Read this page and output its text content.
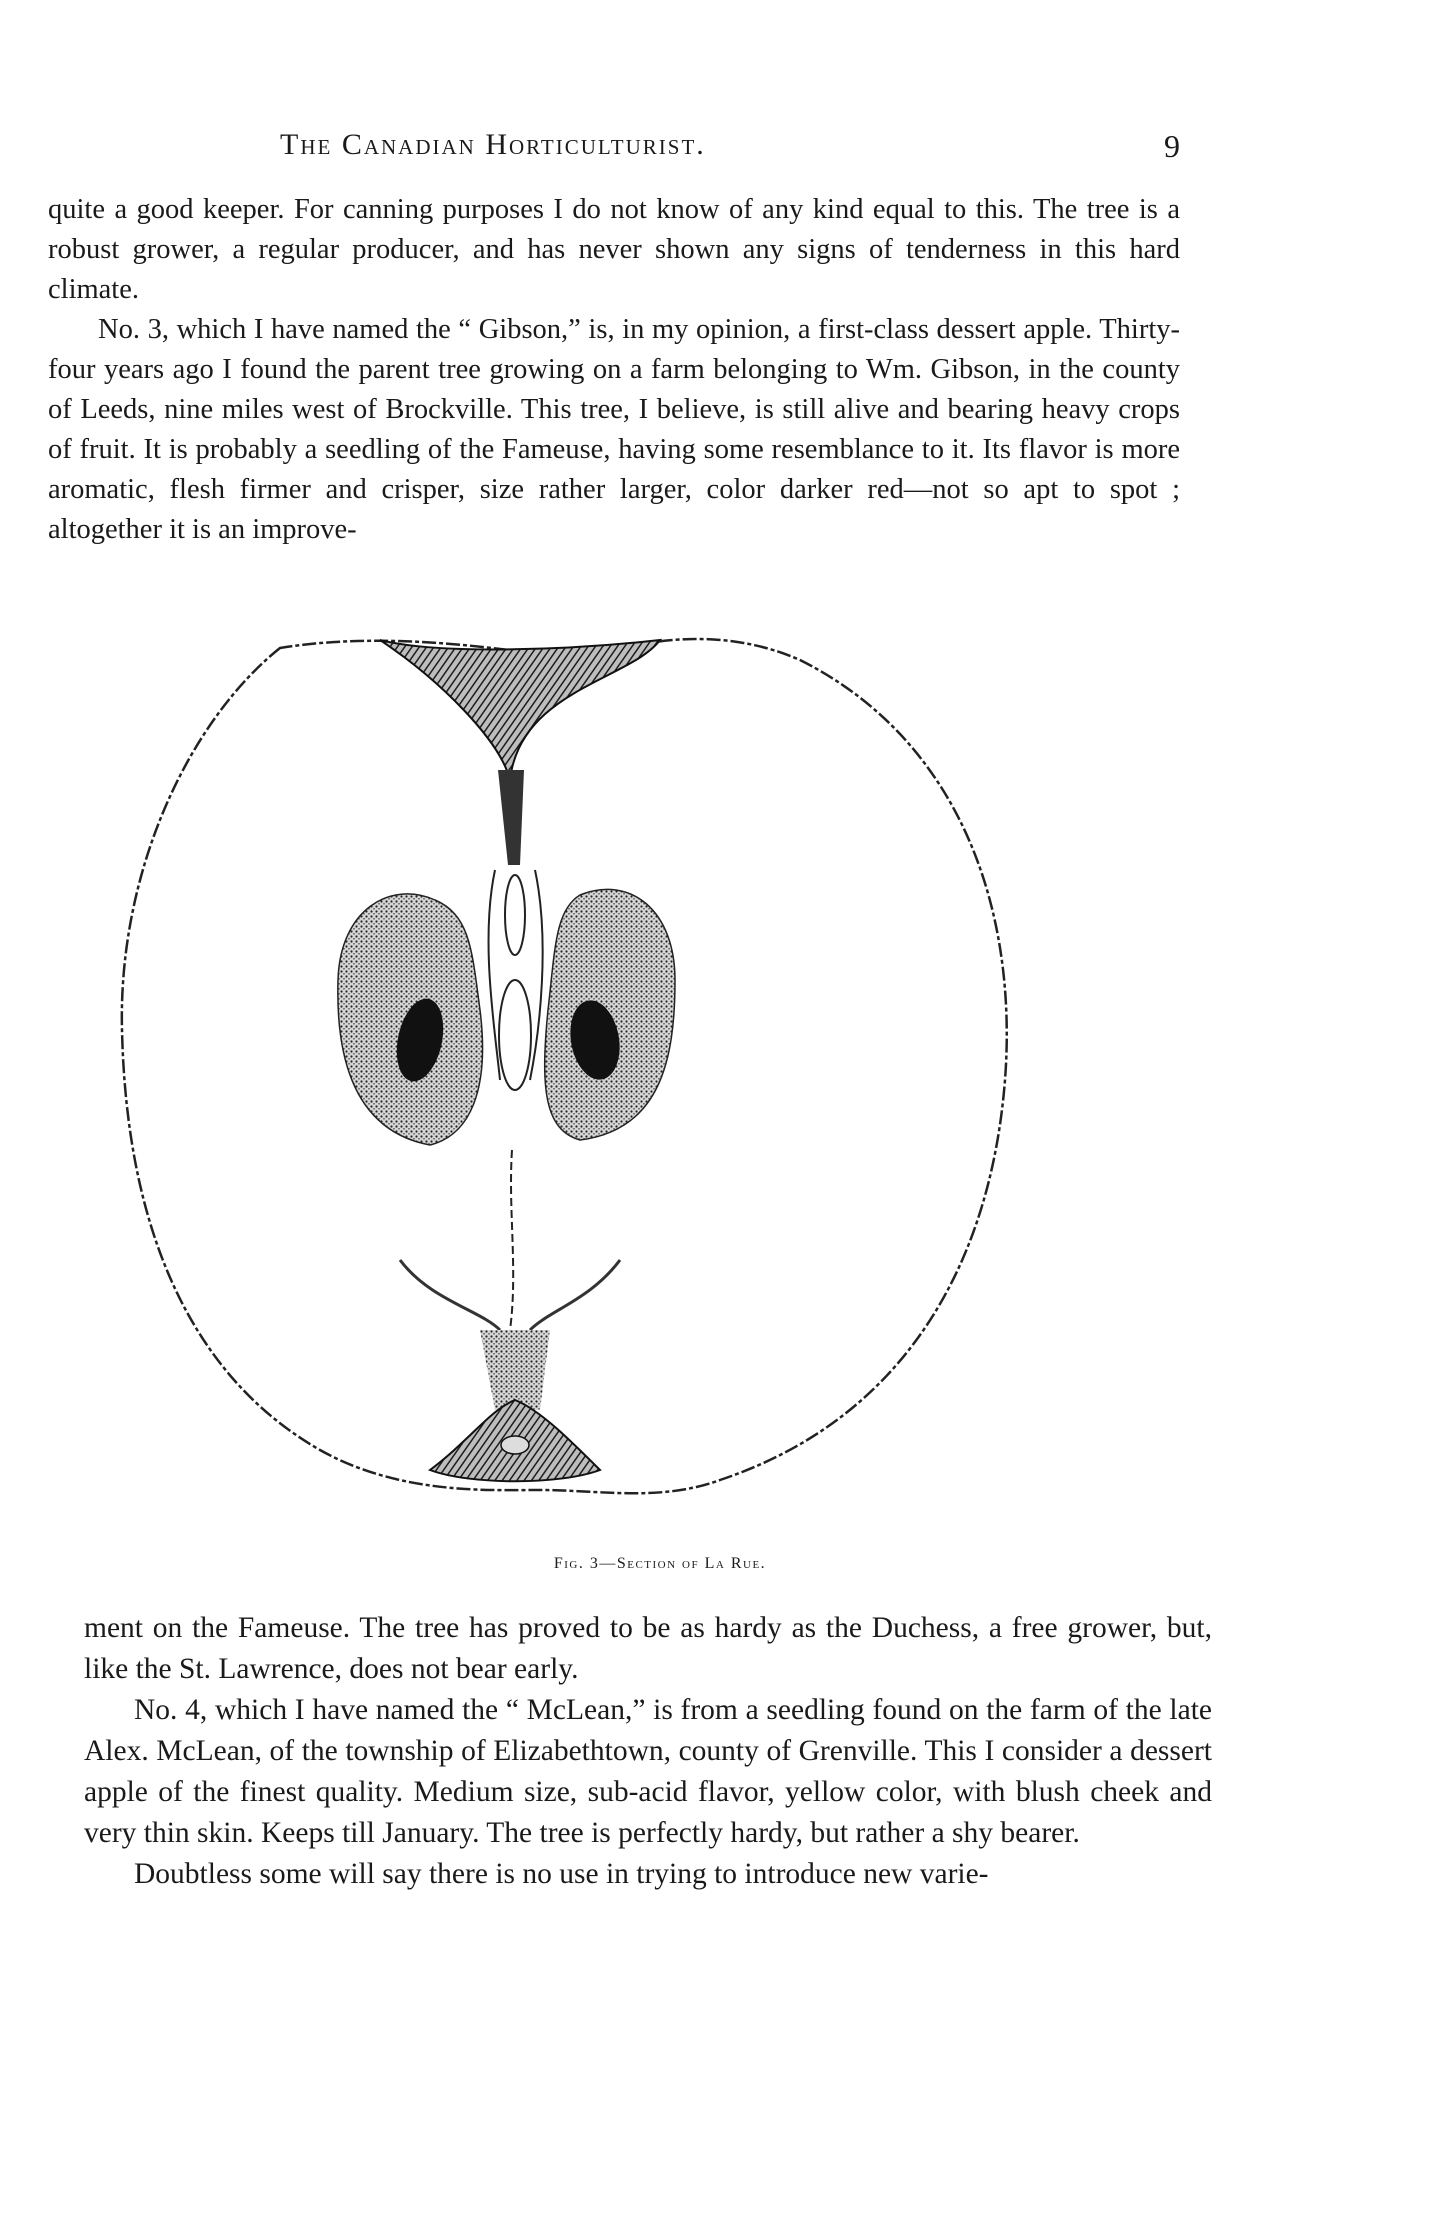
The Canadian Horticulturist.	9

quite a good keeper. For canning purposes I do not know of any kind equal to this. The tree is a robust grower, a regular producer, and has never shown any signs of tenderness in this hard climate.

No. 3, which I have named the “ Gibson,” is, in my opinion, a first-class dessert apple. Thirty-four years ago I found the parent tree growing on a farm belonging to Wm. Gibson, in the county of Leeds, nine miles west of Brockville. This tree, I believe, is still alive and bearing heavy crops of fruit. It is probably a seedling of the Fameuse, having some resemblance to it. Its flavor is more aromatic, flesh firmer and crisper, size rather larger, color darker red—not so apt to spot ; altogether it is an improve-

Fig. 3—Section of La Rue.

ment on the Fameuse. The tree has proved to be as hardy as the Duchess, a free grower, but, like the St. Lawrence, does not bear early.

No. 4, which I have named the “ McLean,” is from a seedling found on the farm of the late Alex. McLean, of the township of Elizabethtown, county of Grenville. This I consider a dessert apple of the finest quality. Medium size, sub-acid flavor, yellow color, with blush cheek and very thin skin. Keeps till January. The tree is perfectly hardy, but rather a shy bearer.

Doubtless some will say there is no use in trying to introduce new varie-
